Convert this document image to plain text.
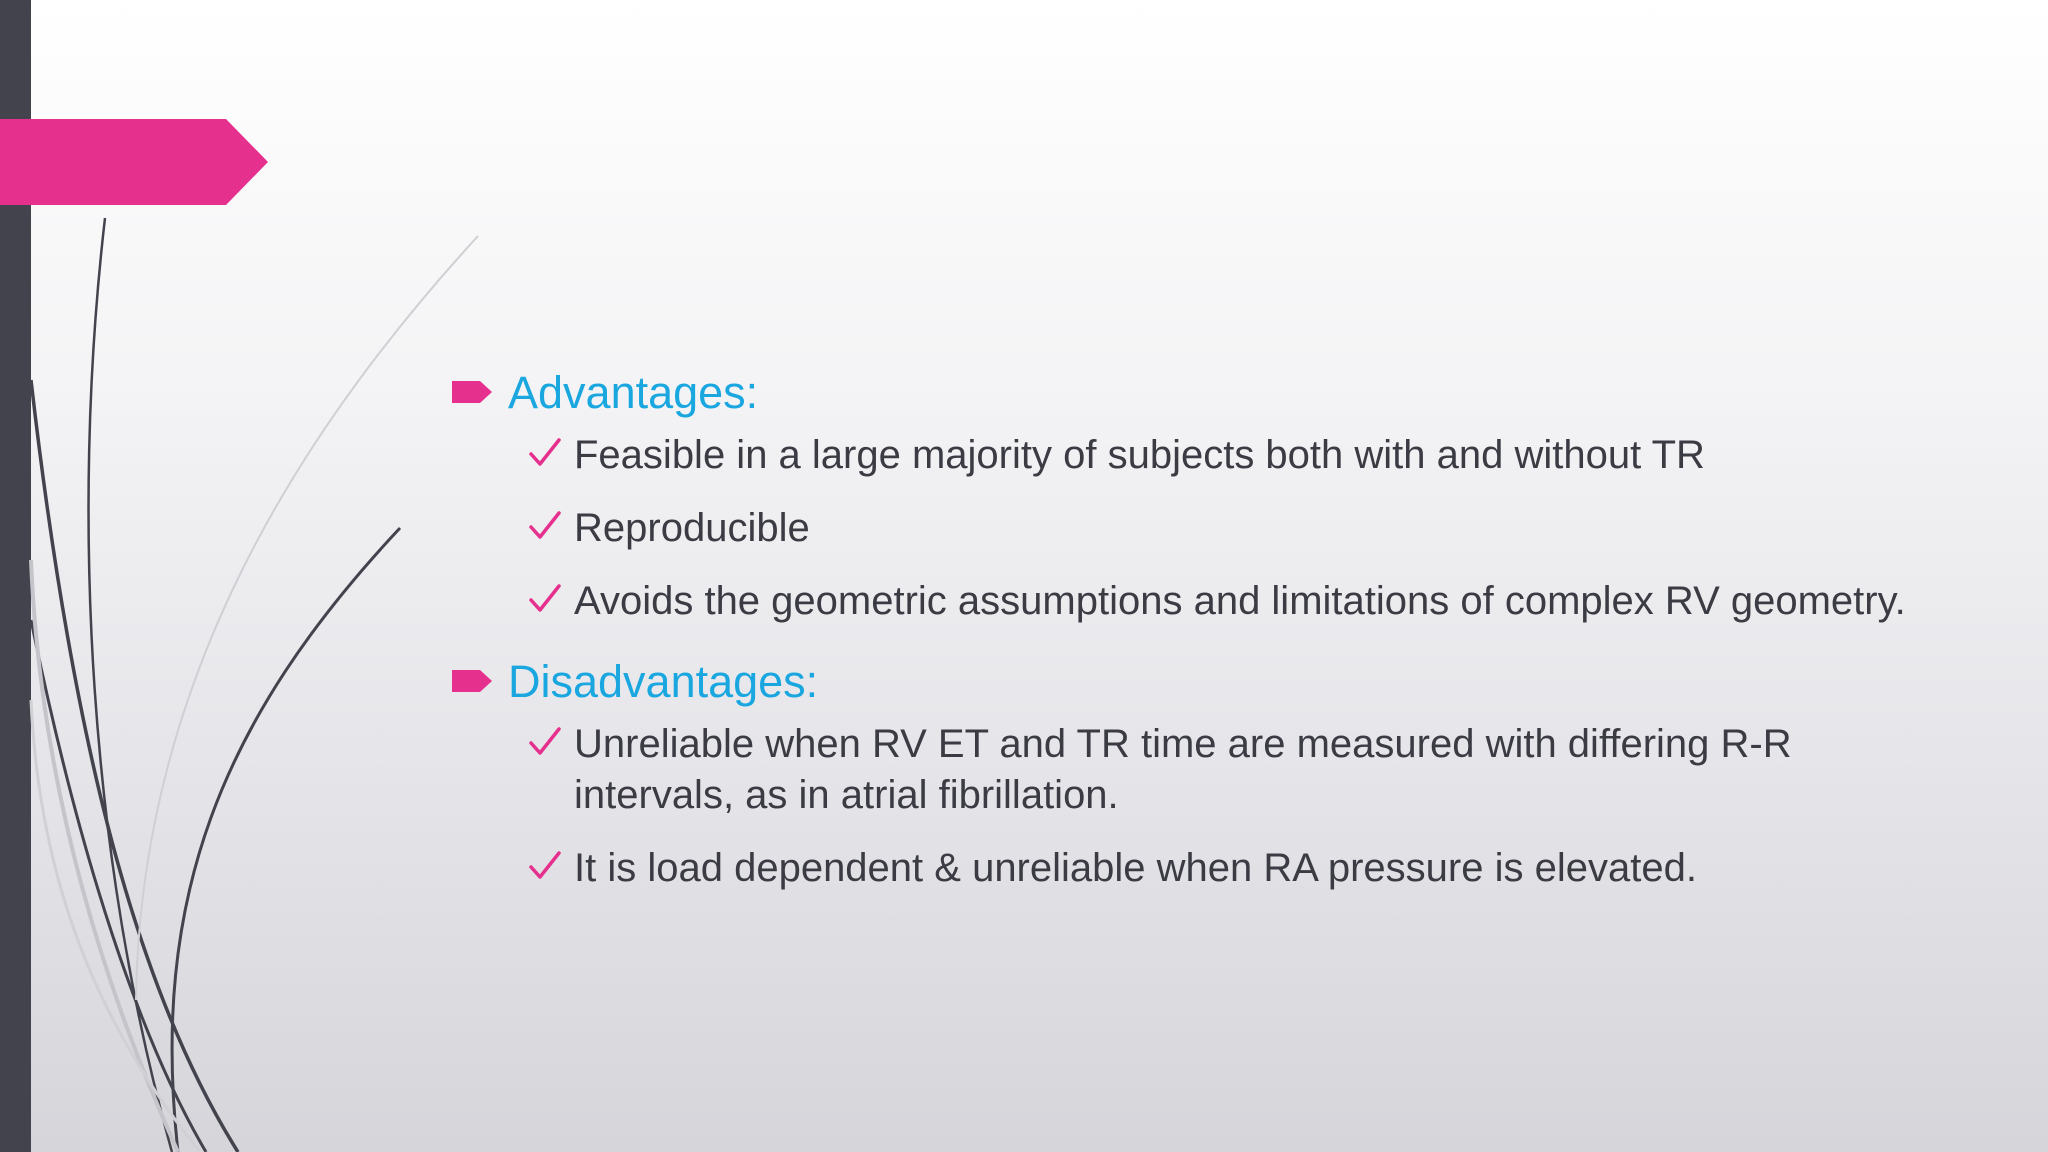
Advantages:
Feasible in a large majority of subjects both with and without TR
Reproducible
Avoids the geometric assumptions and limitations of complex RV geometry.
Disadvantages:
Unreliable when RV ET and TR time are measured with differing R-R intervals, as in atrial fibrillation.
It is load dependent & unreliable when RA pressure is elevated.
